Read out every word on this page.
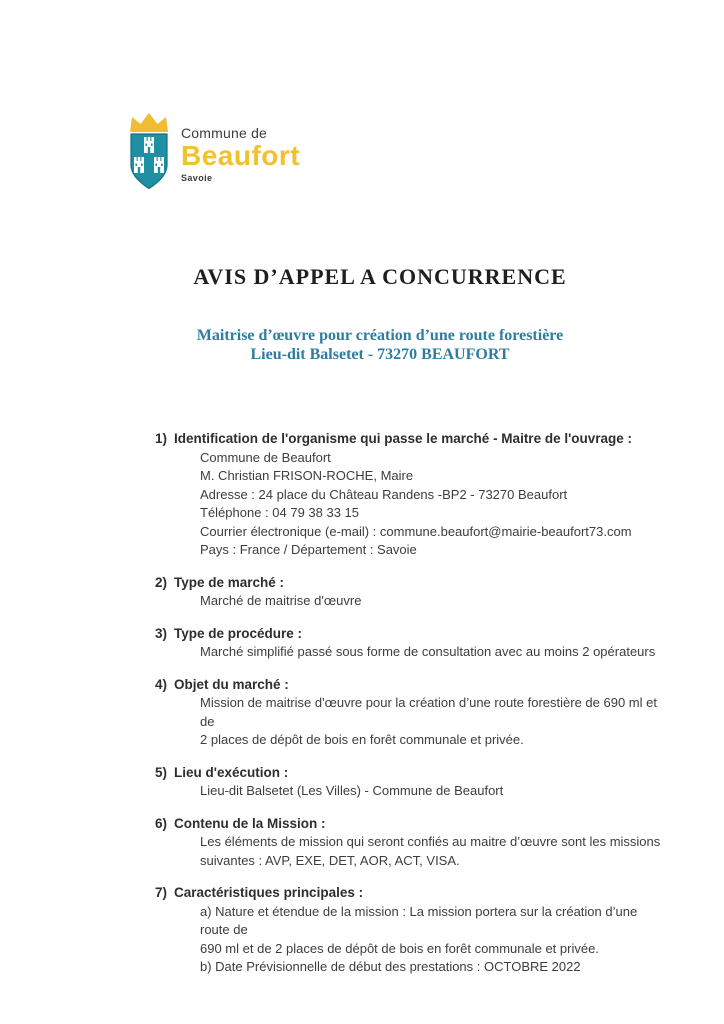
Commune de
Beaufort
Savoie
AVIS D’APPEL A CONCURRENCE
Maitrise d’œuvre pour création d’une route forestière
Lieu-dit Balsetet - 73270 BEAUFORT
1) Identification de l'organisme qui passe le marché - Maitre de l'ouvrage :
Commune de Beaufort
M. Christian FRISON-ROCHE, Maire
Adresse : 24 place du Château Randens -BP2 - 73270 Beaufort
Téléphone : 04 79 38 33 15
Courrier électronique (e-mail) : commune.beaufort@mairie-beaufort73.com
Pays : France / Département : Savoie
2) Type de marché :
Marché de maitrise d'œuvre
3) Type de procédure :
Marché simplifié passé sous forme de consultation avec au moins 2 opérateurs
4) Objet du marché :
Mission de maitrise d'œuvre pour la création d’une route forestière de 690 ml et de
2 places de dépôt de bois en forêt communale et privée.
5) Lieu d'exécution :
Lieu-dit Balsetet (Les Villes) - Commune de Beaufort
6) Contenu de la Mission :
Les éléments de mission qui seront confiés au maitre d’œuvre sont les missions
suivantes : AVP, EXE, DET, AOR, ACT, VISA.
7) Caractéristiques principales :
a) Nature et étendue de la mission : La mission portera sur la création d’une route de
690 ml et de 2 places de dépôt de bois en forêt communale et privée.
b) Date Prévisionnelle de début des prestations : OCTOBRE 2022
